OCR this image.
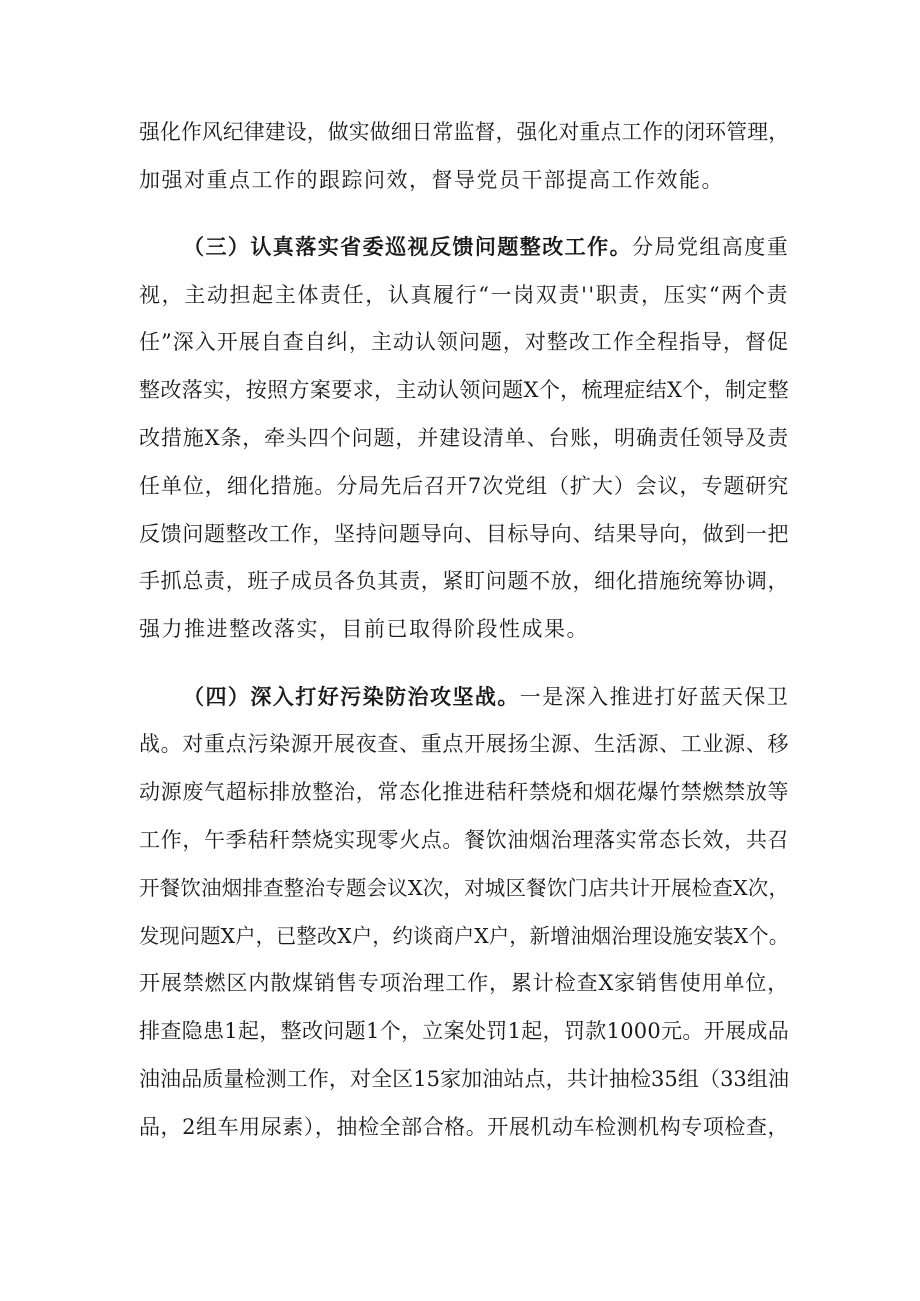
强化作风纪律建设，做实做细日常监督，强化对重点工作的闭环管理，
加强对重点工作的跟踪问效，督导党员干部提高工作效能。
（三）认真落实省委巡视反馈问题整改工作。分局党组高度重
视，主动担起主体责任，认真履行“一岗双责''职责，压实“两个责
任”深入开展自查自纠，主动认领问题，对整改工作全程指导，督促
整改落实，按照方案要求，主动认领问题X个，梳理症结X个，制定整
改措施X条，牵头四个问题，并建设清单、台账，明确责任领导及责
任单位，细化措施。分局先后召开7次党组（扩大）会议，专题研究
反馈问题整改工作，坚持问题导向、目标导向、结果导向，做到一把
手抓总责，班子成员各负其责，紧盯问题不放，细化措施统筹协调，
强力推进整改落实，目前已取得阶段性成果。
（四）深入打好污染防治攻坚战。一是深入推进打好蓝天保卫
战。对重点污染源开展夜查、重点开展扬尘源、生活源、工业源、移
动源废气超标排放整治，常态化推进秸秆禁烧和烟花爆竹禁燃禁放等
工作，午季秸秆禁烧实现零火点。餐饮油烟治理落实常态长效，共召
开餐饮油烟排查整治专题会议X次，对城区餐饮门店共计开展检查X次，
发现问题X户，已整改X户，约谈商户X户，新增油烟治理设施安装X个。
开展禁燃区内散煤销售专项治理工作，累计检查X家销售使用单位，
排查隐患1起，整改问题1个，立案处罚1起，罚款1000元。开展成品
油油品质量检测工作，对全区15家加油站点，共计抽检35组（33组油
品，2组车用尿素），抽检全部合格。开展机动车检测机构专项检查，
